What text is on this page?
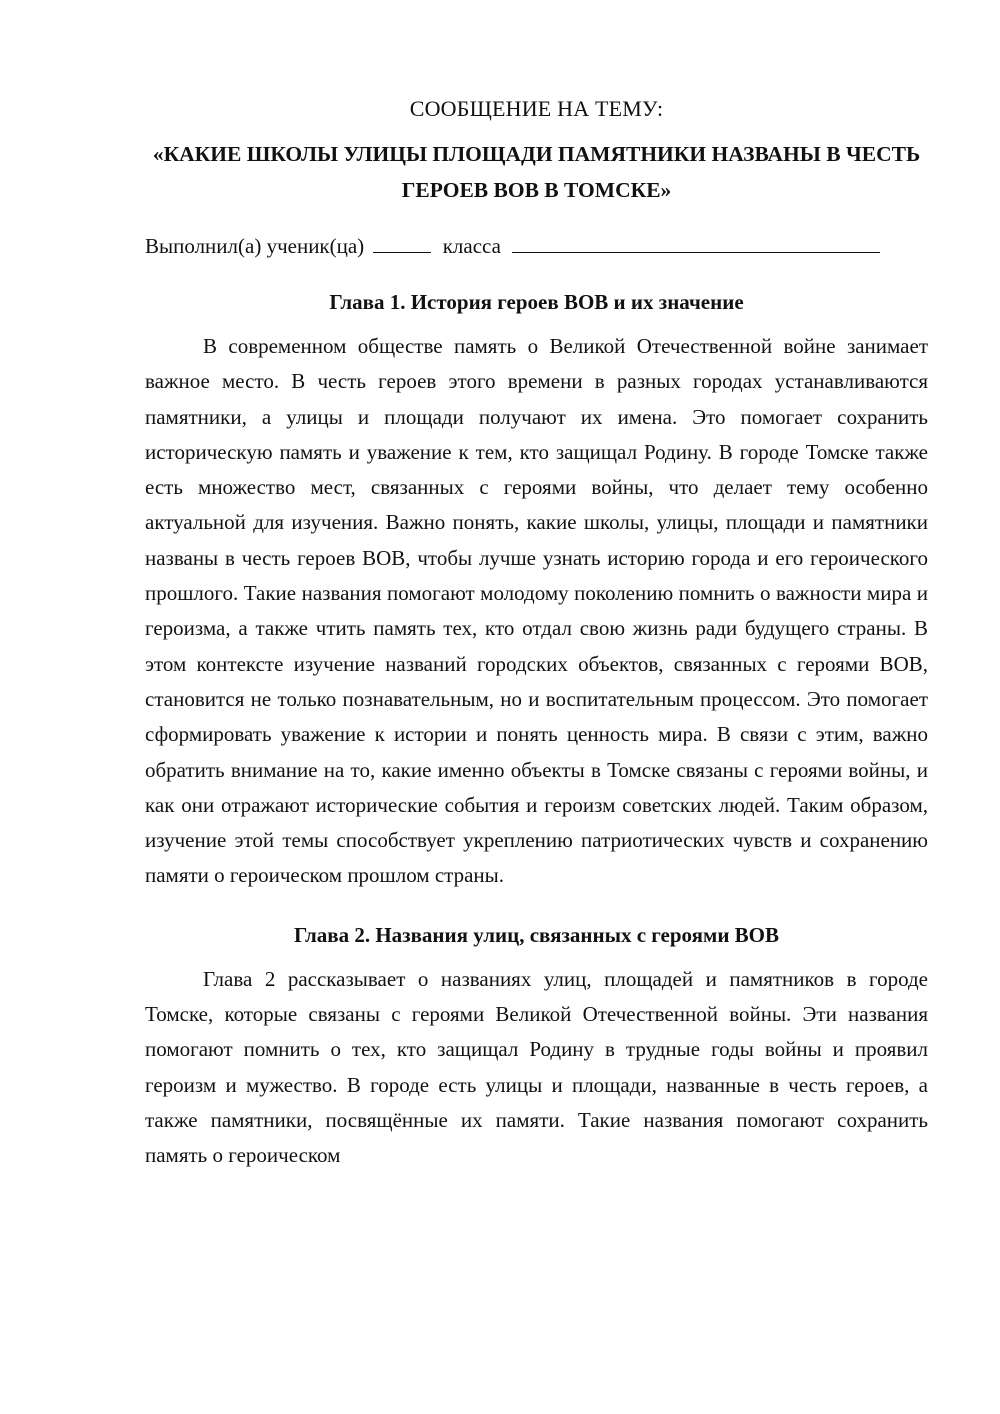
СООБЩЕНИЕ НА ТЕМУ:
«КАКИЕ ШКОЛЫ УЛИЦЫ ПЛОЩАДИ ПАМЯТНИКИ НАЗВАНЫ В ЧЕСТЬ ГЕРОЕВ ВОВ В ТОМСКЕ»
Выполнил(а) ученик(ца)	класса
Глава 1. История героев ВОВ и их значение

В современном обществе память о Великой Отечественной войне занимает важное место. В честь героев этого времени в разных городах устанавливаются памятники, а улицы и площади получают их имена. Это помогает сохранить историческую память и уважение к тем, кто защищал Родину. В городе Томске также есть множество мест, связанных с героями войны, что делает тему особенно актуальной для изучения. Важно понять, какие школы, улицы, площади и памятники названы в честь героев ВОВ, чтобы лучше узнать историю города и его героического прошлого. Такие названия помогают молодому поколению помнить о важности мира и героизма, а также чтить память тех, кто отдал свою жизнь ради будущего страны. В этом контексте изучение названий городских объектов, связанных с героями ВОВ, становится не только познавательным, но и воспитательным процессом. Это помогает сформировать уважение к истории и понять ценность мира. В связи с этим, важно обратить внимание на то, какие именно объекты в Томске связаны с героями войны, и как они отражают исторические события и героизм советских людей. Таким образом, изучение этой темы способствует укреплению патриотических чувств и сохранению памяти о героическом прошлом страны.

Глава 2. Названия улиц, связанных с героями ВОВ

Глава 2 рассказывает о названиях улиц, площадей и памятников в городе Томске, которые связаны с героями Великой Отечественной войны. Эти названия помогают помнить о тех, кто защищал Родину в трудные годы войны и проявил героизм и мужество. В городе есть улицы и площади, названные в честь героев, а также памятники, посвящённые их памяти. Такие названия помогают сохранить память о героическом
